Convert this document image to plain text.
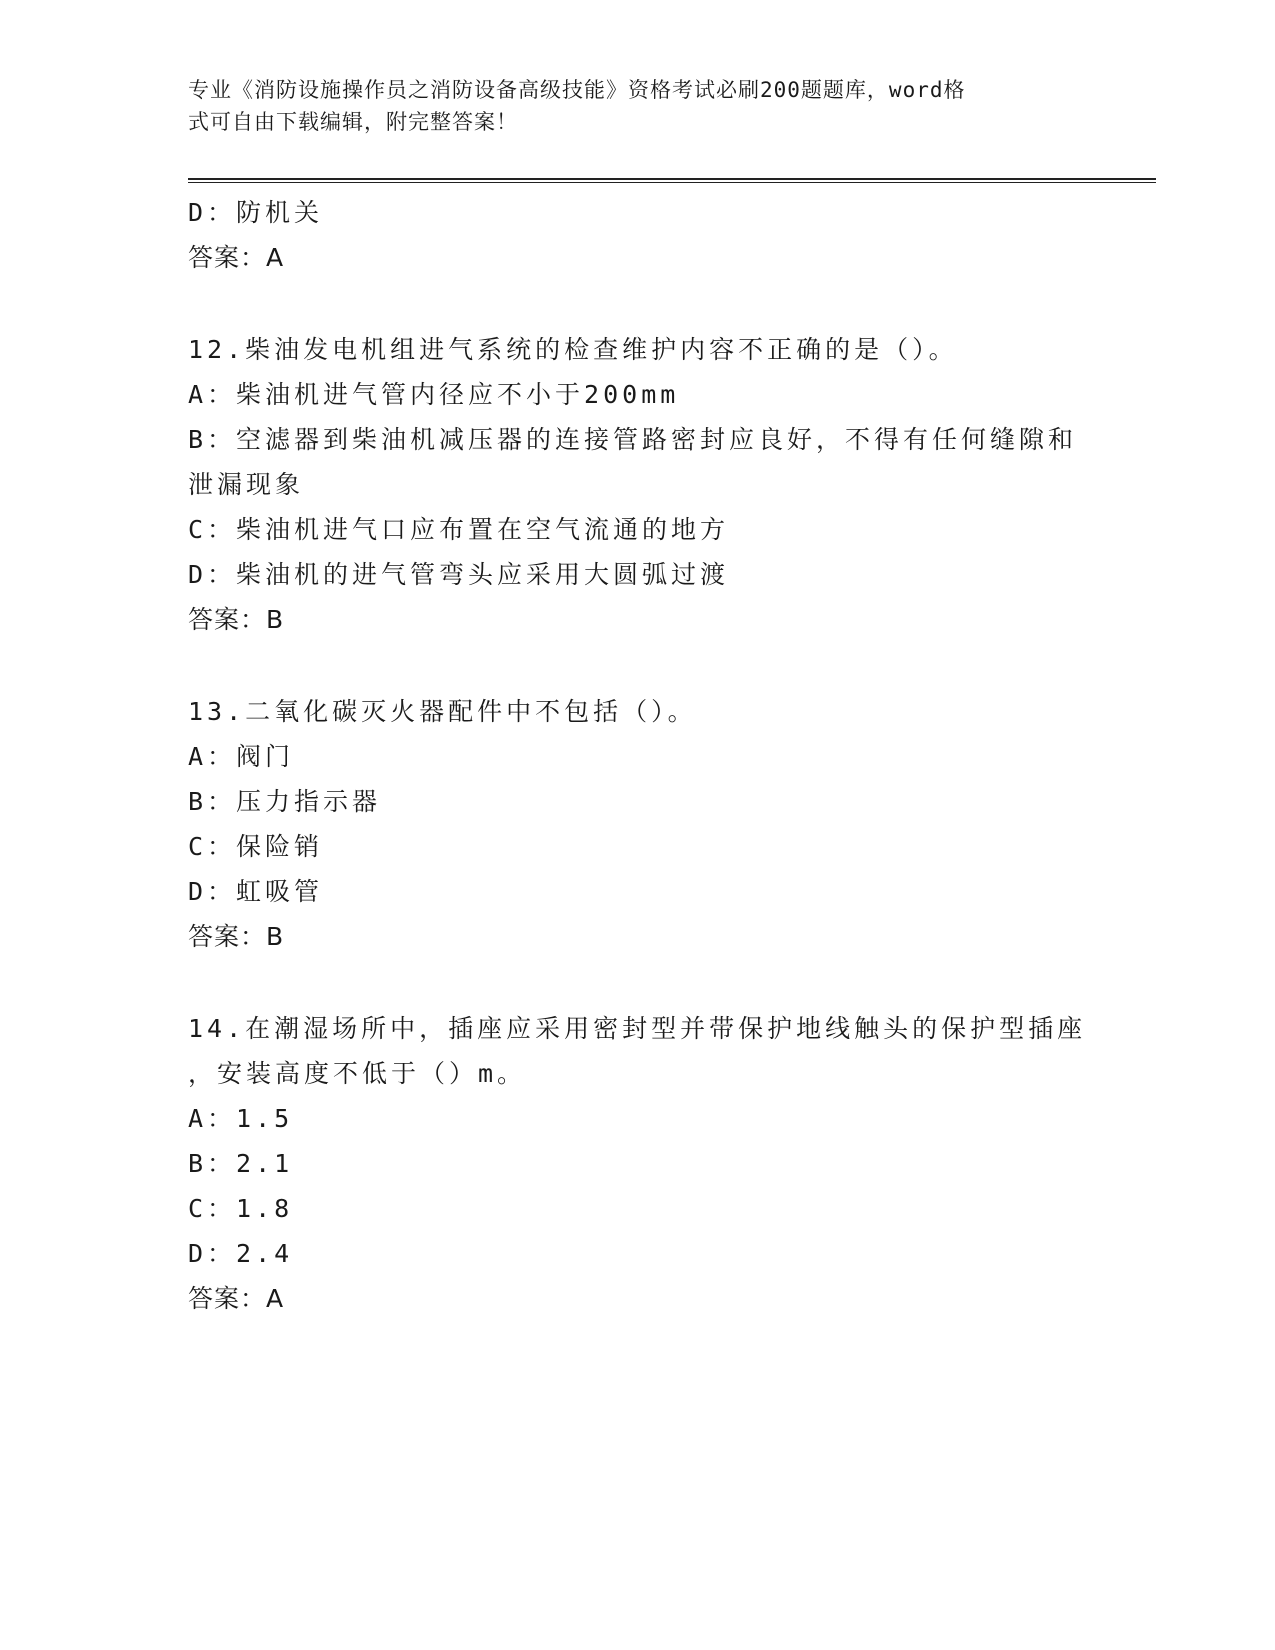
专业《消防设施操作员之消防设备高级技能》资格考试必刷200题题库，word格
式可自由下载编辑，附完整答案！
D：防机关
答案：A
12.柴油发电机组进气系统的检查维护内容不正确的是（）。
A：柴油机进气管内径应不小于200mm
B：空滤器到柴油机减压器的连接管路密封应良好，不得有任何缝隙和
泄漏现象
C：柴油机进气口应布置在空气流通的地方
D：柴油机的进气管弯头应采用大圆弧过渡
答案：B
13.二氧化碳灭火器配件中不包括（）。
A：阀门
B：压力指示器
C：保险销
D：虹吸管
答案：B
14.在潮湿场所中，插座应采用密封型并带保护地线触头的保护型插座
，安装高度不低于（）m。
A：1.5
B：2.1
C：1.8
D：2.4
答案：A
